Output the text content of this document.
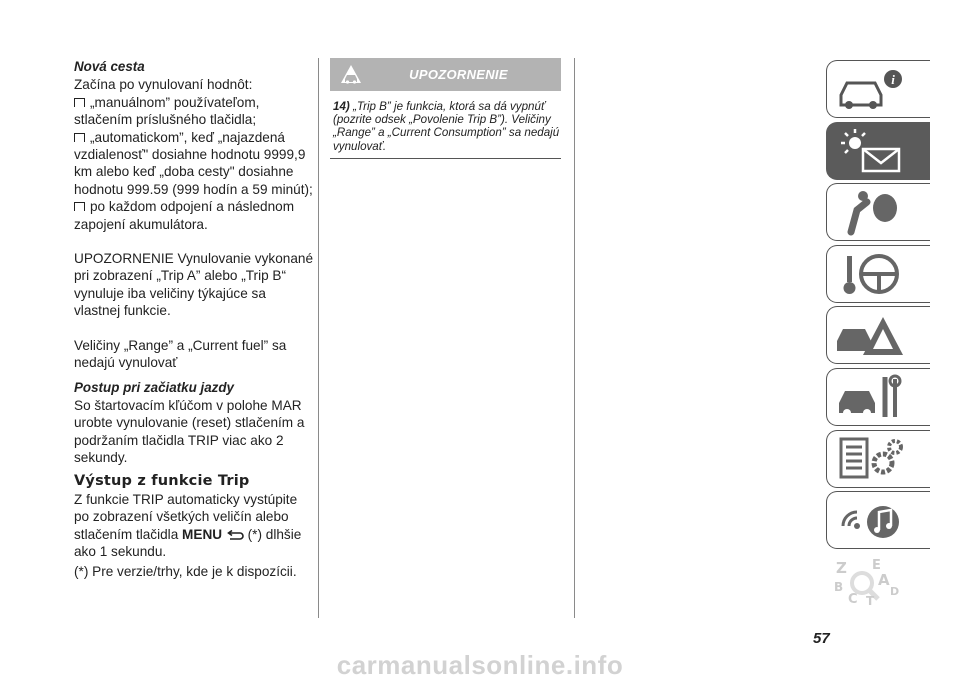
Nová cesta

Začína po vynulovaní hodnôt:

„manuálnom” používateľom, stlačením príslušného tlačidla;

„automatickom”, keď „najazdená vzdialenosť" dosiahne hodnotu 9999,9 km alebo keď „doba cesty" dosiahne hodnotu 999.59 (999 hodín a 59 minút);

po každom odpojení a následnom zapojení akumulátora.

UPOZORNENIE Vynulovanie vykonané pri zobrazení „Trip A” alebo „Trip B“ vynuluje iba veličiny týkajúce sa vlastnej funkcie.

Veličiny „Range” a „Current fuel” sa nedajú vynulovať

Postup pri začiatku jazdy

So štartovacím kľúčom v polohe MAR urobte vynulovanie (reset) stlačením a podržaním tlačidla TRIP viac ako 2 sekundy.

Výstup z funkcie Trip

Z funkcie TRIP automaticky vystúpite po zobrazení všetkých veličín alebo stlačením tlačidla MENU (*) dlhšie ako 1 sekundu.

(*) Pre verzie/trhy, kde je k dispozícii.

UPOZORNENIE
14) „Trip B” je funkcia, ktorá sa dá vypnúť (pozrite odsek „Povolenie Trip B”). Veličiny „Range” a „Current Consumption” sa nedajú vynulovať.
i
Z E
B A
C
D
T
57
carmanualsonline.info
